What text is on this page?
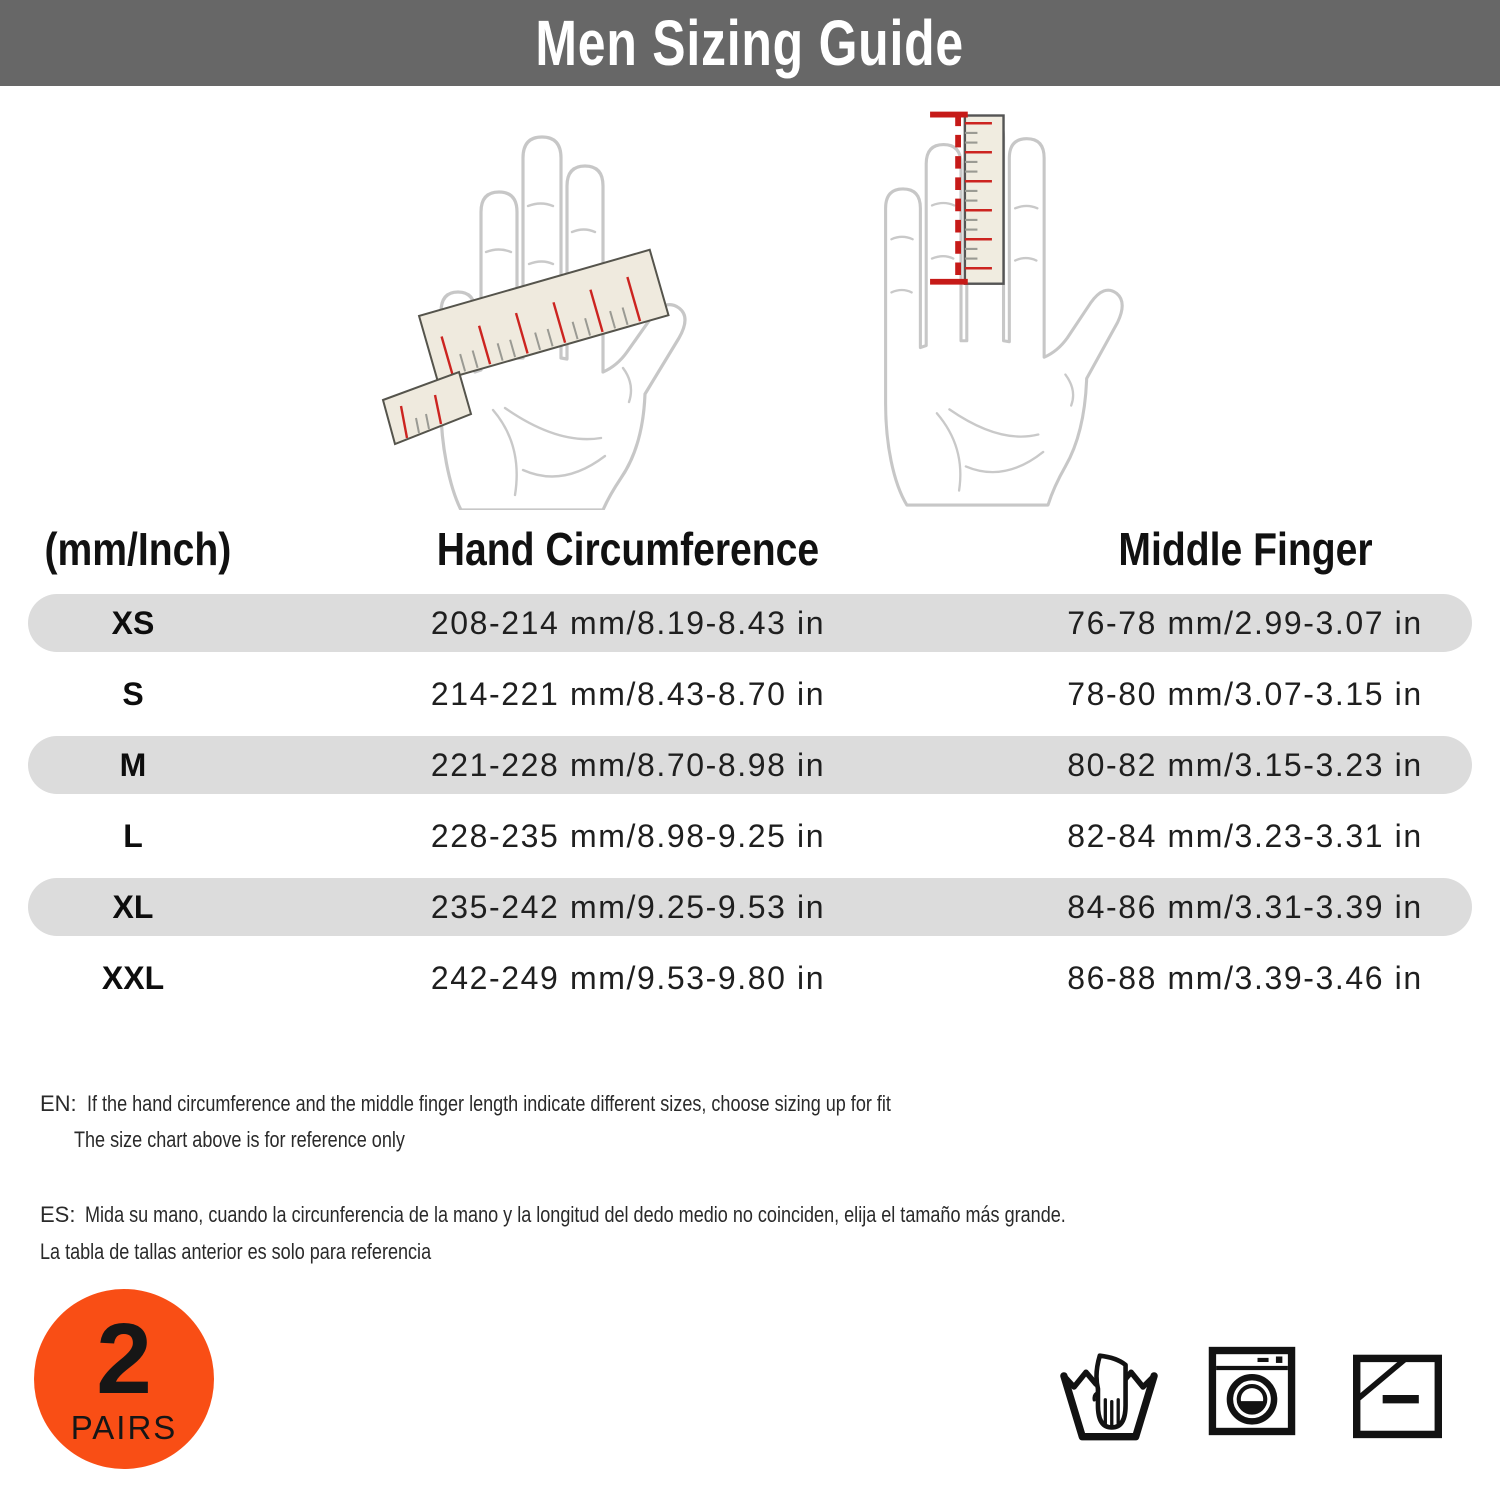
Men Sizing Guide
(mm/Inch)	Hand Circumference	Middle Finger
XS	208-214 mm/8.19-8.43 in	76-78 mm/2.99-3.07 in
S	214-221 mm/8.43-8.70 in	78-80 mm/3.07-3.15 in
M	221-228 mm/8.70-8.98 in	80-82 mm/3.15-3.23 in
L	228-235 mm/8.98-9.25 in	82-84 mm/3.23-3.31 in
XL	235-242 mm/9.25-9.53 in	84-86 mm/3.31-3.39 in
XXL	242-249 mm/9.53-9.80 in	86-88 mm/3.39-3.46 in
EN: If the hand circumference and the middle finger length indicate different sizes, choose sizing up for fit
The size chart above is for reference only
ES: Mida su mano, cuando la circunferencia de la mano y la longitud del dedo medio no coinciden, elija el tamaño más grande.
La tabla de tallas anterior es solo para referencia
2
PAIRS
